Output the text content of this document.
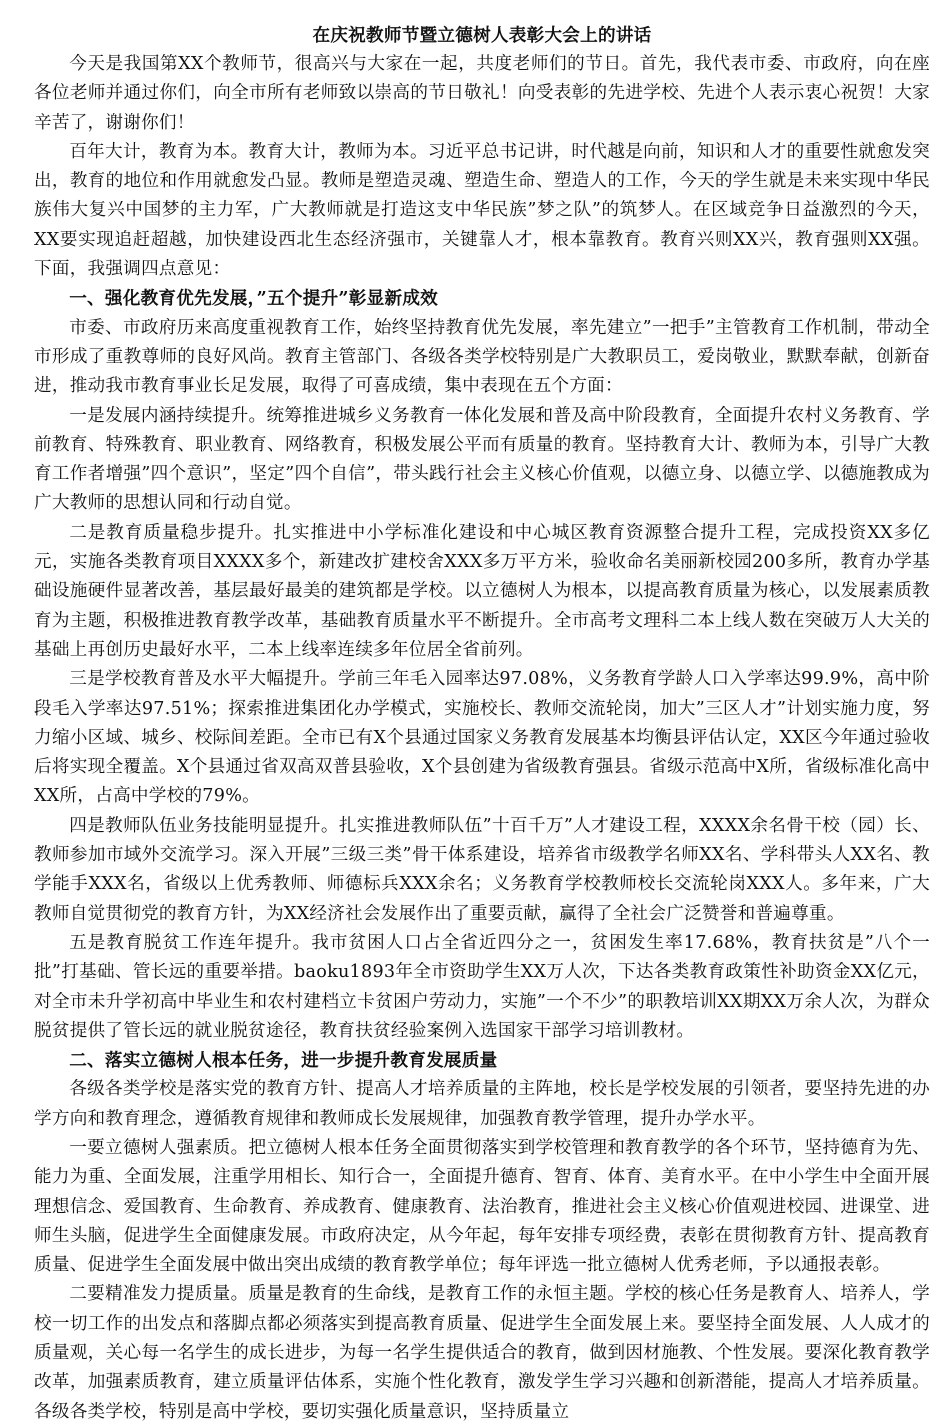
在庆祝教师节暨立德树人表彰大会上的讲话

今天是我国第XX个教师节，很高兴与大家在一起，共度老师们的节日。首先，我代表市委、市政府，向在座各位老师并通过你们，向全市所有老师致以崇高的节日敬礼！向受表彰的先进学校、先进个人表示衷心祝贺！大家辛苦了，谢谢你们！

百年大计，教育为本。教育大计，教师为本。习近平总书记讲，时代越是向前，知识和人才的重要性就愈发突出，教育的地位和作用就愈发凸显。教师是塑造灵魂、塑造生命、塑造人的工作，今天的学生就是未来实现中华民族伟大复兴中国梦的主力军，广大教师就是打造这支中华民族”梦之队”的筑梦人。在区域竞争日益激烈的今天，XX要实现追赶超越，加快建设西北生态经济强市，关键靠人才，根本靠教育。教育兴则XX兴，教育强则XX强。下面，我强调四点意见：

一、强化教育优先发展，”五个提升”彰显新成效

市委、市政府历来高度重视教育工作，始终坚持教育优先发展，率先建立”一把手”主管教育工作机制，带动全市形成了重教尊师的良好风尚。教育主管部门、各级各类学校特别是广大教职员工，爱岗敬业，默默奉献，创新奋进，推动我市教育事业长足发展，取得了可喜成绩，集中表现在五个方面：

一是发展内涵持续提升。统筹推进城乡义务教育一体化发展和普及高中阶段教育，全面提升农村义务教育、学前教育、特殊教育、职业教育、网络教育，积极发展公平而有质量的教育。坚持教育大计、教师为本，引导广大教育工作者增强”四个意识”，坚定”四个自信”，带头践行社会主义核心价值观，以德立身、以德立学、以德施教成为广大教师的思想认同和行动自觉。

二是教育质量稳步提升。扎实推进中小学标准化建设和中心城区教育资源整合提升工程，完成投资XX多亿元，实施各类教育项目XXXX多个，新建改扩建校舍XXX多万平方米，验收命名美丽新校园200多所，教育办学基础设施硬件显著改善，基层最好最美的建筑都是学校。以立德树人为根本，以提高教育质量为核心，以发展素质教育为主题，积极推进教育教学改革，基础教育质量水平不断提升。全市高考文理科二本上线人数在突破万人大关的基础上再创历史最好水平，二本上线率连续多年位居全省前列。

三是学校教育普及水平大幅提升。学前三年毛入园率达97.08%，义务教育学龄人口入学率达99.9%，高中阶段毛入学率达97.51%；探索推进集团化办学模式，实施校长、教师交流轮岗，加大”三区人才”计划实施力度，努力缩小区域、城乡、校际间差距。全市已有X个县通过国家义务教育发展基本均衡县评估认定，XX区今年通过验收后将实现全覆盖。X个县通过省双高双普县验收，X个县创建为省级教育强县。省级示范高中X所，省级标准化高中XX所，占高中学校的79%。

四是教师队伍业务技能明显提升。扎实推进教师队伍”十百千万”人才建设工程，XXXX余名骨干校（园）长、教师参加市域外交流学习。深入开展”三级三类”骨干体系建设，培养省市级教学名师XX名、学科带头人XX名、教学能手XXX名，省级以上优秀教师、师德标兵XXX余名；义务教育学校教师校长交流轮岗XXX人。多年来，广大教师自觉贯彻党的教育方针，为XX经济社会发展作出了重要贡献，赢得了全社会广泛赞誉和普遍尊重。

五是教育脱贫工作连年提升。我市贫困人口占全省近四分之一，贫困发生率17.68%，教育扶贫是”八个一批”打基础、管长远的重要举措。baoku1893年全市资助学生XX万人次，下达各类教育政策性补助资金XX亿元，对全市未升学初高中毕业生和农村建档立卡贫困户劳动力，实施”一个不少”的职教培训XX期XX万余人次，为群众脱贫提供了管长远的就业脱贫途径，教育扶贫经验案例入选国家干部学习培训教材。

二、落实立德树人根本任务，进一步提升教育发展质量

各级各类学校是落实党的教育方针、提高人才培养质量的主阵地，校长是学校发展的引领者，要坚持先进的办学方向和教育理念，遵循教育规律和教师成长发展规律，加强教育教学管理，提升办学水平。

一要立德树人强素质。把立德树人根本任务全面贯彻落实到学校管理和教育教学的各个环节，坚持德育为先、能力为重、全面发展，注重学用相长、知行合一，全面提升德育、智育、体育、美育水平。在中小学生中全面开展理想信念、爱国教育、生命教育、养成教育、健康教育、法治教育，推进社会主义核心价值观进校园、进课堂、进师生头脑，促进学生全面健康发展。市政府决定，从今年起，每年安排专项经费，表彰在贯彻教育方针、提高教育质量、促进学生全面发展中做出突出成绩的教育教学单位；每年评选一批立德树人优秀老师，予以通报表彰。

二要精准发力提质量。质量是教育的生命线，是教育工作的永恒主题。学校的核心任务是教育人、培养人，学校一切工作的出发点和落脚点都必须落实到提高教育质量、促进学生全面发展上来。要坚持全面发展、人人成才的质量观，关心每一名学生的成长进步，为每一名学生提供适合的教育，做到因材施教、个性发展。要深化教育教学改革，加强素质教育，建立质量评估体系，实施个性化教育，激发学生学习兴趣和创新潜能，提高人才培养质量。各级各类学校，特别是高中学校，要切实强化质量意识，坚持质量立
